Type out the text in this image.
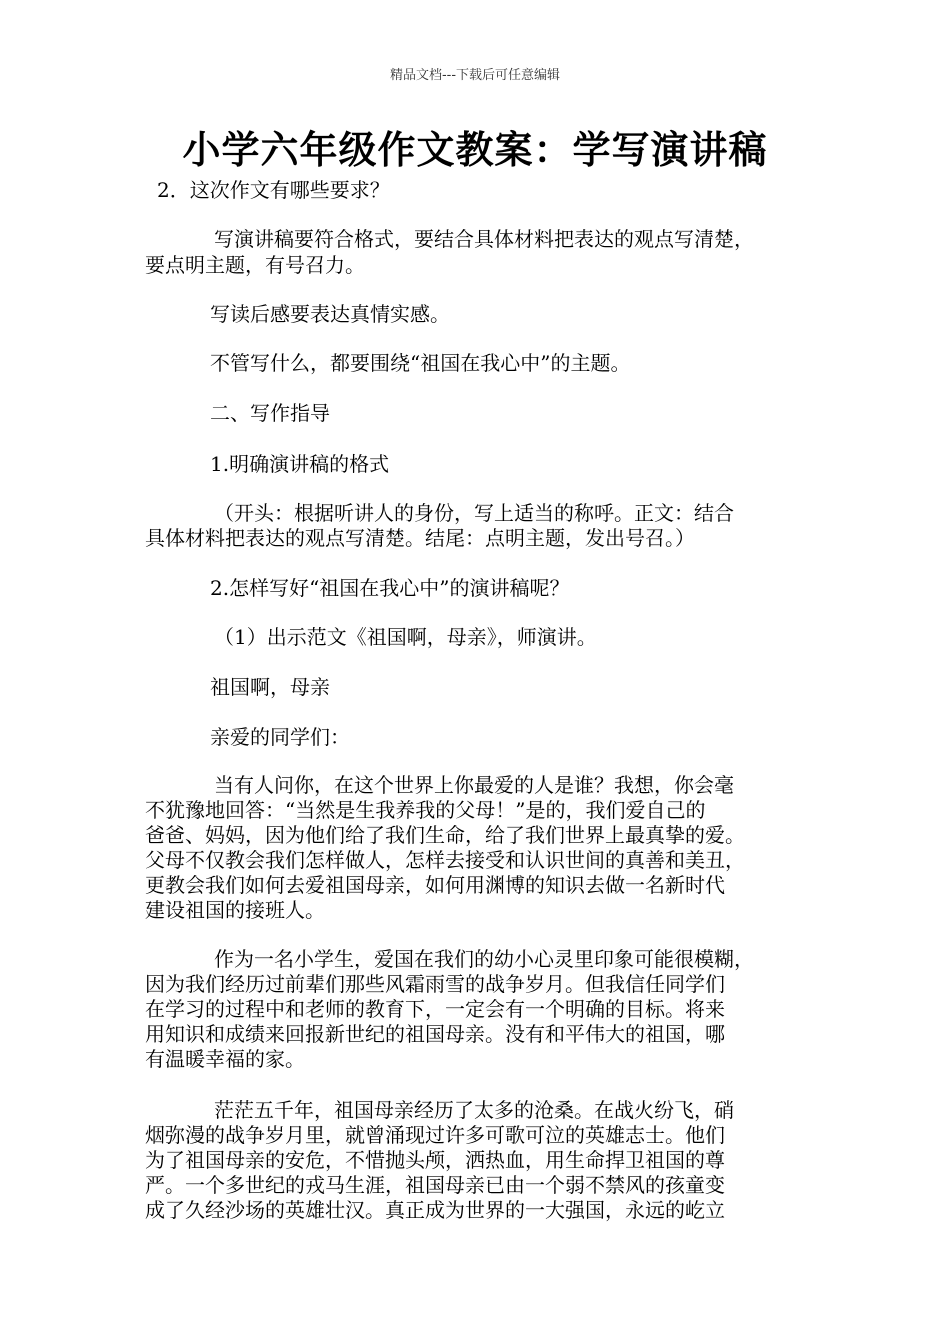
精品文档---下载后可任意编辑
小学六年级作文教案：学写演讲稿

2．这次作文有哪些要求？

写演讲稿要符合格式，要结合具体材料把表达的观点写清楚，

要点明主题，有号召力。

写读后感要表达真情实感。

不管写什么，都要围绕“祖国在我心中”的主题。

二、写作指导

1.明确演讲稿的格式

（开头：根据听讲人的身份，写上适当的称呼。正文：结合

具体材料把表达的观点写清楚。结尾：点明主题，发出号召。）

2.怎样写好“祖国在我心中”的演讲稿呢？

（1）出示范文《祖国啊，母亲》，师演讲。

祖国啊，母亲

亲爱的同学们：

当有人问你，在这个世界上你最爱的人是谁？我想，你会毫

不犹豫地回答：“当然是生我养我的父母！”是的，我们爱自己的

爸爸、妈妈，因为他们给了我们生命，给了我们世界上最真挚的爱。

父母不仅教会我们怎样做人，怎样去接受和认识世间的真善和美丑，

更教会我们如何去爱祖国母亲，如何用渊博的知识去做一名新时代

建设祖国的接班人。

作为一名小学生，爱国在我们的幼小心灵里印象可能很模糊，

因为我们经历过前辈们那些风霜雨雪的战争岁月。但我信任同学们

在学习的过程中和老师的教育下，一定会有一个明确的目标。将来

用知识和成绩来回报新世纪的祖国母亲。没有和平伟大的祖国，哪

有温暖幸福的家。

茫茫五千年，祖国母亲经历了太多的沧桑。在战火纷飞，硝

烟弥漫的战争岁月里，就曾涌现过许多可歌可泣的英雄志士。他们

为了祖国母亲的安危，不惜抛头颅，洒热血，用生命捍卫祖国的尊

严。一个多世纪的戎马生涯，祖国母亲已由一个弱不禁风的孩童变

成了久经沙场的英雄壮汉。真正成为世界的一大强国，永远的屹立
